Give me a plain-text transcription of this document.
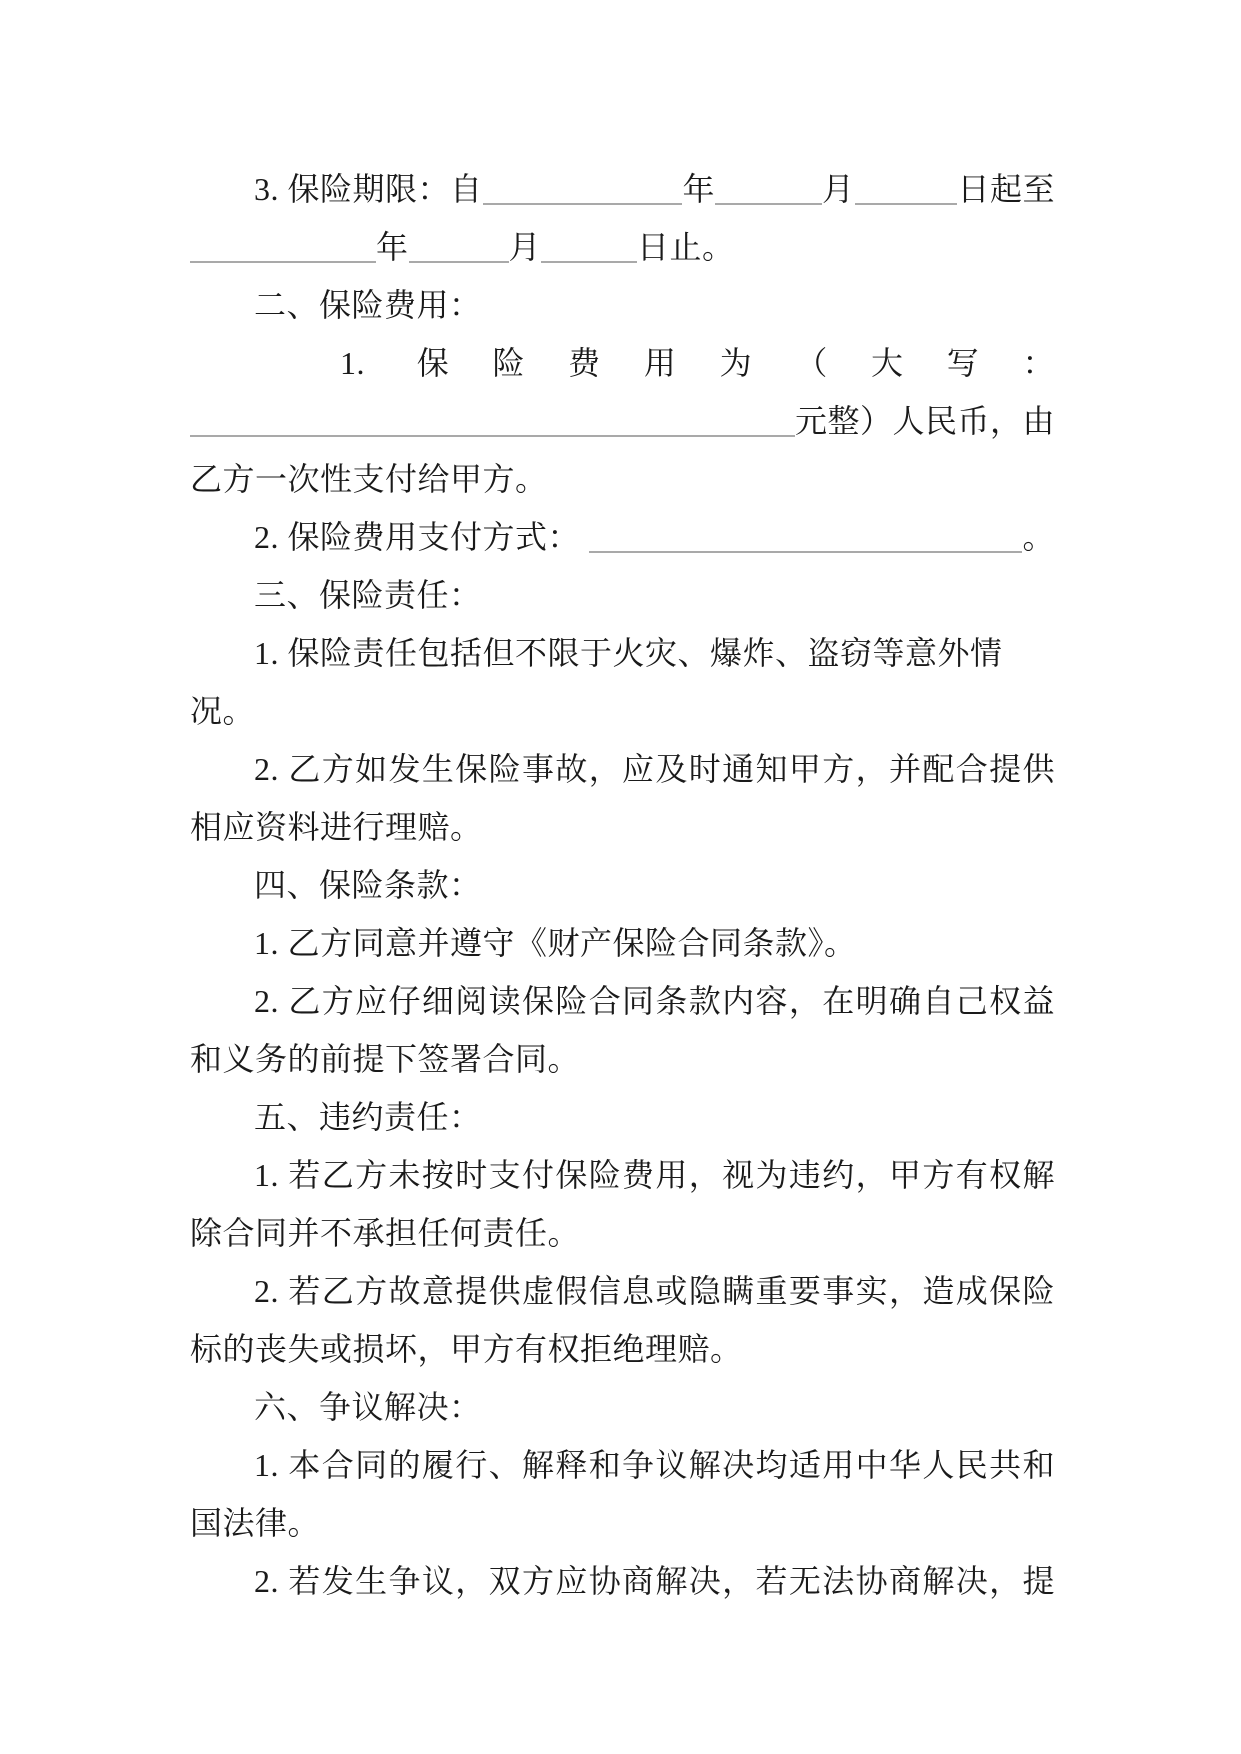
3. 保险期限：自	年	月	日起至
年	月	日止。
二、保险费用：
1. 保险费用为（大写：
元整）人民币，由
乙方一次性支付给甲方。
2. 保险费用支付方式：	。
三、保险责任：
1. 保险责任包括但不限于火灾、爆炸、盗窃等意外情况。
2. 乙方如发生保险事故，应及时通知甲方，并配合提供
相应资料进行理赔。
四、保险条款：
1. 乙方同意并遵守《财产保险合同条款》。
2. 乙方应仔细阅读保险合同条款内容，在明确自己权益
和义务的前提下签署合同。
五、违约责任：
1. 若乙方未按时支付保险费用，视为违约，甲方有权解
除合同并不承担任何责任。
2. 若乙方故意提供虚假信息或隐瞒重要事实，造成保险
标的丧失或损坏，甲方有权拒绝理赔。
六、争议解决：
1. 本合同的履行、解释和争议解决均适用中华人民共和
国法律。
2. 若发生争议，双方应协商解决，若无法协商解决，提
